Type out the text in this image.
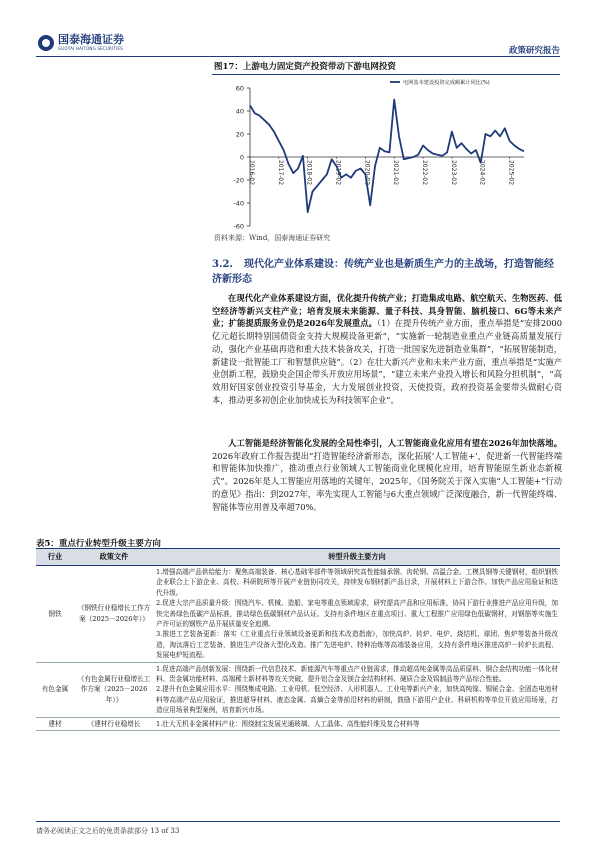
国泰海通证券
GUOTAI HAITONG SECURITIES	政策研究报告
图17：上游电力固定资产投资带动下游电网投资
60
40
20
0
-20
-40
-60
2016-02	2017-02	2018-02	2019-02	2020-02	2021-02	2022-02	2023-02	2024-02	2025-02
电网基本建设投资完成额累计同比(%)
资料来源：Wind，国泰海通证券研究
3.2. 现代化产业体系建设：传统产业也是新质生产力的主战场，打造智能经济新形态
在现代化产业体系建设方面，优化提升传统产业；打造集成电路、航空航天、生物医药、低空经济等新兴支柱产业；培育发展未来能源、量子科技、具身智能、脑机接口、6G等未来产业；扩能提质服务业仍是2026年发展重点。（1）在提升传统产业方面，重点举措是“安排2000亿元超长期特别国债资金支持大规模设备更新”，“实施新一轮制造业重点产业链高质量发展行动，强化产业基础再造和重大技术装备攻关，打造一批国家先进制造业集群”，“拓展智能制造，新建设一批智能工厂和智慧供应链”。（2）在壮大新兴产业和未来产业方面，重点举措是“实施产业创新工程，鼓励央企国企带头开放应用场景”，“建立未来产业投入增长和风险分担机制”，“高效用好国家创业投资引导基金，大力发展创业投资，天使投资，政府投资基金要带头做耐心资本，推动更多初创企业加快成长为科技领军企业”。
人工智能是经济智能化发展的全局性牵引，人工智能商业化应用有望在2026年加快落地。2026年政府工作报告提出“打造智能经济新形态，深化拓展‘人工智能+’，促进新一代智能终端和智能体加快推广，推动重点行业领域人工智能商业化规模化应用，培育智能原生新业态新模式”。2026年是人工智能应用落地的关键年，2025年，《国务院关于深入实施“人工智能+”行动的意见》指出：到2027年，率先实现人工智能与6大重点领域广泛深度融合，新一代智能终端、智能体等应用普及率超70%。
表5：重点行业转型升级主要方向
行业	政策文件	转型升级主要方向
钢铁	《钢铁行业稳增长工作方案（2025－2026年）》	1.增强高端产品供给能力：聚焦高端装备、核心基础零部件等领域研究高性能轴承钢、齿轮钢、高温合金、工模具钢等关键钢材，组织钢铁企业联合上下游企业、高校、科研院所等开展产业链协同攻关，持续发布钢材新产品目录，开展材料上下游合作。加快产品应用验证和迭代升级。
2.促进大宗产品质量升级：围绕汽车、机械、造船、家电等重点领域需求，研究提高产品和应用标准，协同下游行业推进产品应用升级，加快完善绿色低碳产品标准，推动绿色低碳钢材产品认证。支持有条件地区在重点项目、重大工程推广应用绿色低碳钢材，对钢筋等实施生产许可证的钢铁产品开展质量安全追溯。
3.推进工艺装备更新：落实《工业重点行业领域设备更新和技术改造指南》，加快高炉、转炉、电炉、烧结机、球团、焦炉等装备升级改造，淘汰落后工艺装备，推进生产设备大型化改造。推广先进电炉、特种冶炼等高端装备应用，支持有条件地区推进高炉－转炉长流程、发展电炉短流程。

有色金属	《有色金属行业稳增长工作方案（2025－2026年）》	1.促进高端产品创新发展：围绕新一代信息技术、新能源汽车等重点产业链需求，推动超高纯金属等高品质原料、铜合金结构功能一体化材料、贵金属功能材料、高端稀土新材料等攻关突破，提升铝合金及镁合金结构材料、硬质合金及钨制品等产品综合性能。
2.提升有色金属应用水平：围绕集成电路、工业母机、低空经济、人形机器人、工业电等新兴产业，加快高纯镓、锡铋合金、全固态电池材料等高端产品应用验证，推进超导材料、液态金属、高熵合金等前沿材料的研制，鼓励下游用户企业、科研机构等单位开放应用场景，打造应用场景典型案例，培育新兴市场。

建材	《建材行业稳增长	1.壮大无机非金属材料产业：围绕制宝发展光通玻璃、人工晶体、高性能纤维及复合材料等
请务必阅读正文之后的免责条款部分 13 of 33
